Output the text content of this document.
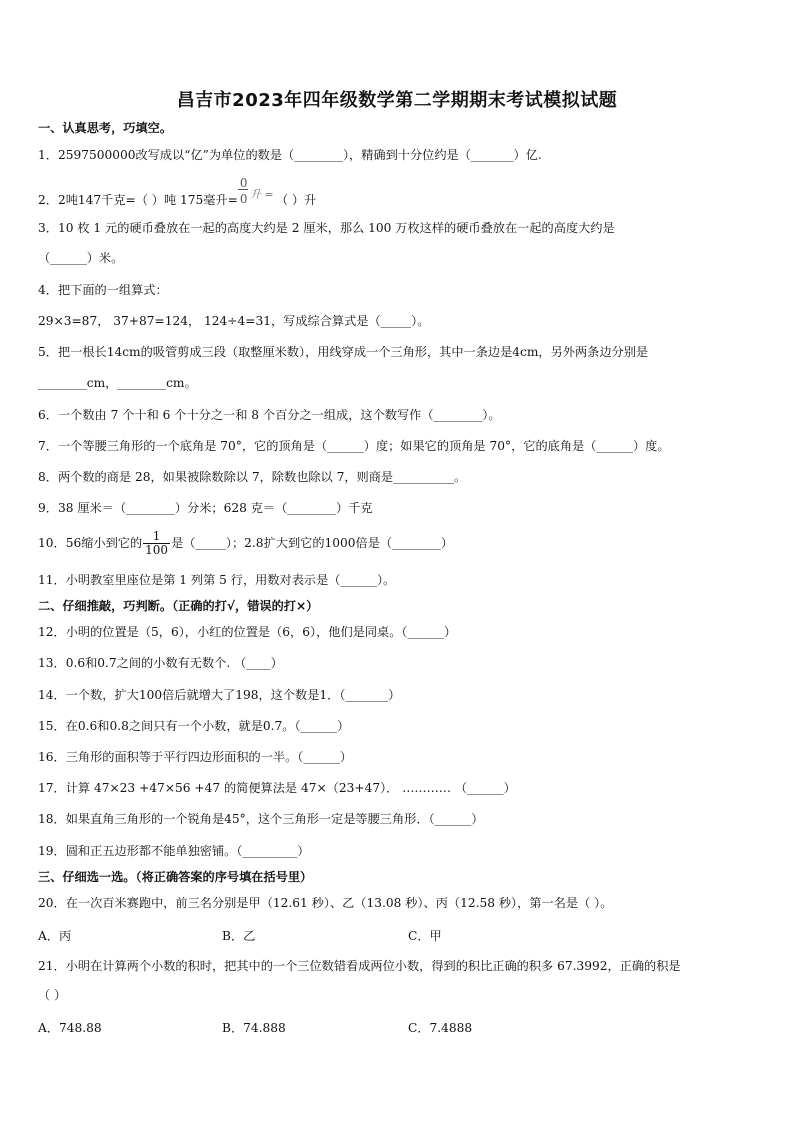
昌吉市2023年四年级数学第二学期期末考试模拟试题
一、认真思考，巧填空。
1．2597500000改写成以“亿”为单位的数是（________），精确到十分位约是（_______）亿.
2．2吨147千克=（ ）吨 175毫升=
0
0 升 = （ ）升
3．10 枚 1 元的硬币叠放在一起的高度大约是 2 厘米，那么 100 万枚这样的硬币叠放在一起的高度大约是
（______）米。
4．把下面的一组算式：
29×3=87， 37+87=124， 124÷4=31，写成综合算式是（_____）。
5．把一根长14cm的吸管剪成三段（取整厘米数），用线穿成一个三角形，其中一条边是4cm，另外两条边分别是
________cm，________cm。
6．一个数由 7 个十和 6 个十分之一和 8 个百分之一组成，这个数写作（________）。
7．一个等腰三角形的一个底角是 70°，它的顶角是（______）度；如果它的顶角是 70°，它的底角是（______）度。
8．两个数的商是 28，如果被除数除以 7，除数也除以 7，则商是__________。
9．38 厘米＝（________）分米；628 克＝（________）千克
10．56缩小到它的 $\frac{1}{100}$ 是（_____）；2.8扩大到它的1000倍是（________）
11．小明教室里座位是第 1 列第 5 行，用数对表示是（______）。
二、仔细推敲，巧判断。（正确的打√，错误的打×）
12．小明的位置是（5，6），小红的位置是（6，6），他们是同桌。（______）
13．0.6和0.7之间的小数有无数个. （____）
14．一个数，扩大100倍后就增大了198，这个数是1．（_______）
15．在0.6和0.8之间只有一个小数，就是0.7。（______）
16．三角形的面积等于平行四边形面积的一半。（______）
17．计算 47×23 +47×56 +47 的简便算法是 47×（23+47）． ………… （______）
18．如果直角三角形的一个锐角是45°，这个三角形一定是等腰三角形．（______）
19．圆和正五边形都不能单独密铺。（_________）
三、仔细选一选。（将正确答案的序号填在括号里）
20．在一次百米赛跑中，前三名分别是甲（12.61 秒）、乙（13.08 秒）、丙（12.58 秒），第一名是（ ）。
A．丙	B．乙	C．甲
21．小明在计算两个小数的积时，把其中的一个三位数错看成两位小数，得到的积比正确的积多 67.3992，正确的积是
（ ）
A．748.88	B．74.888	C．7.4888
